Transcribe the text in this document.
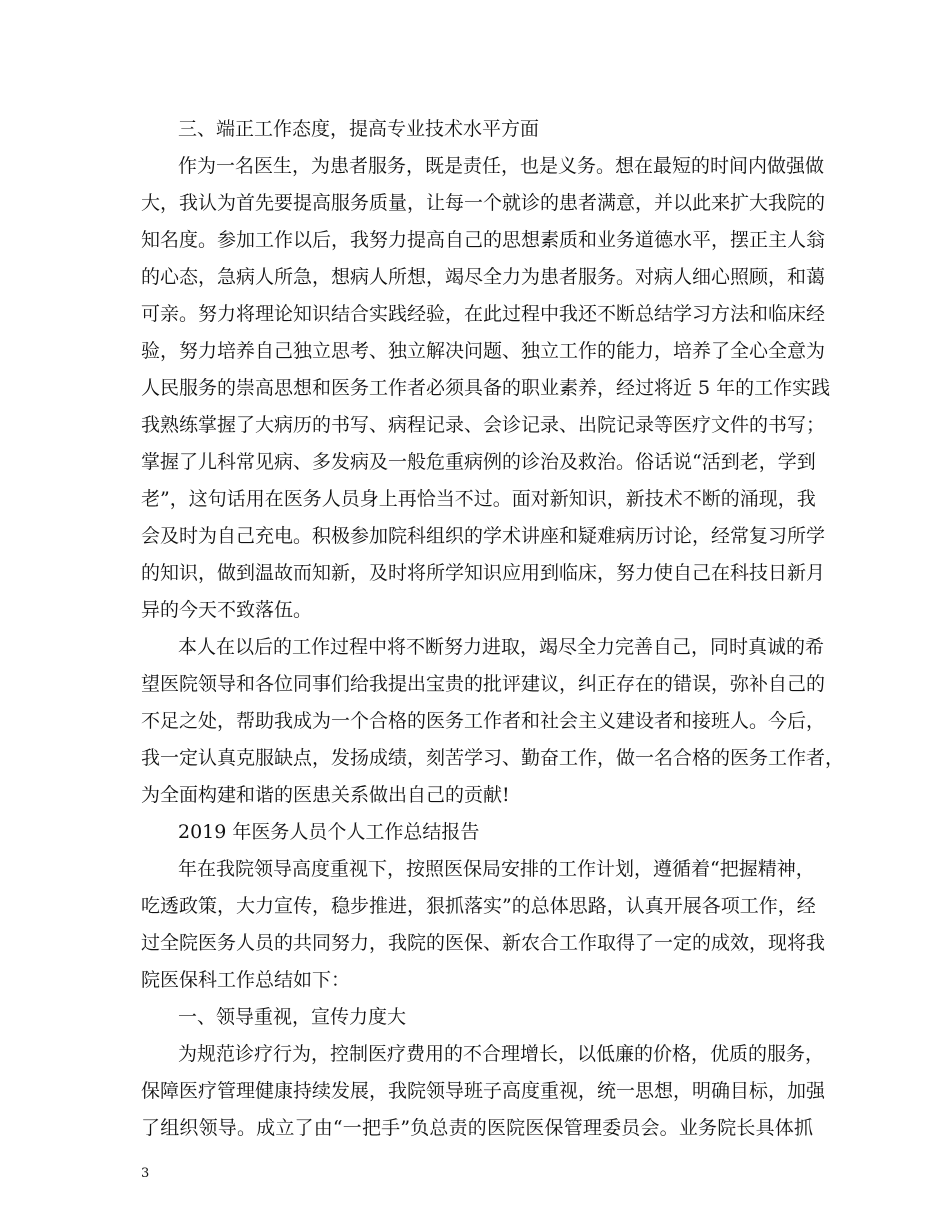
三、端正工作态度，提高专业技术水平方面
作为一名医生，为患者服务，既是责任，也是义务。想在最短的时间内做强做
大，我认为首先要提高服务质量，让每一个就诊的患者满意，并以此来扩大我院的
知名度。参加工作以后，我努力提高自己的思想素质和业务道德水平，摆正主人翁
的心态，急病人所急，想病人所想，竭尽全力为患者服务。对病人细心照顾，和蔼
可亲。努力将理论知识结合实践经验，在此过程中我还不断总结学习方法和临床经
验，努力培养自己独立思考、独立解决问题、独立工作的能力，培养了全心全意为
人民服务的崇高思想和医务工作者必须具备的职业素养，经过将近 5 年的工作实践
我熟练掌握了大病历的书写、病程记录、会诊记录、出院记录等医疗文件的书写；
掌握了儿科常见病、多发病及一般危重病例的诊治及救治。俗话说“活到老，学到
老”，这句话用在医务人员身上再恰当不过。面对新知识，新技术不断的涌现，我
会及时为自己充电。积极参加院科组织的学术讲座和疑难病历讨论，经常复习所学
的知识，做到温故而知新，及时将所学知识应用到临床，努力使自己在科技日新月
异的今天不致落伍。
本人在以后的工作过程中将不断努力进取，竭尽全力完善自己，同时真诚的希
望医院领导和各位同事们给我提出宝贵的批评建议，纠正存在的错误，弥补自己的
不足之处，帮助我成为一个合格的医务工作者和社会主义建设者和接班人。今后，
我一定认真克服缺点，发扬成绩，刻苦学习、勤奋工作，做一名合格的医务工作者，
为全面构建和谐的医患关系做出自己的贡献!
2019 年医务人员个人工作总结报告
年在我院领导高度重视下，按照医保局安排的工作计划，遵循着“把握精神，
吃透政策，大力宣传，稳步推进，狠抓落实”的总体思路，认真开展各项工作，经
过全院医务人员的共同努力，我院的医保、新农合工作取得了一定的成效，现将我
院医保科工作总结如下：
一、领导重视，宣传力度大
为规范诊疗行为，控制医疗费用的不合理增长，以低廉的价格，优质的服务，
保障医疗管理健康持续发展，我院领导班子高度重视，统一思想，明确目标，加强
了组织领导。成立了由“一把手”负总责的医院医保管理委员会。业务院长具体抓
3
